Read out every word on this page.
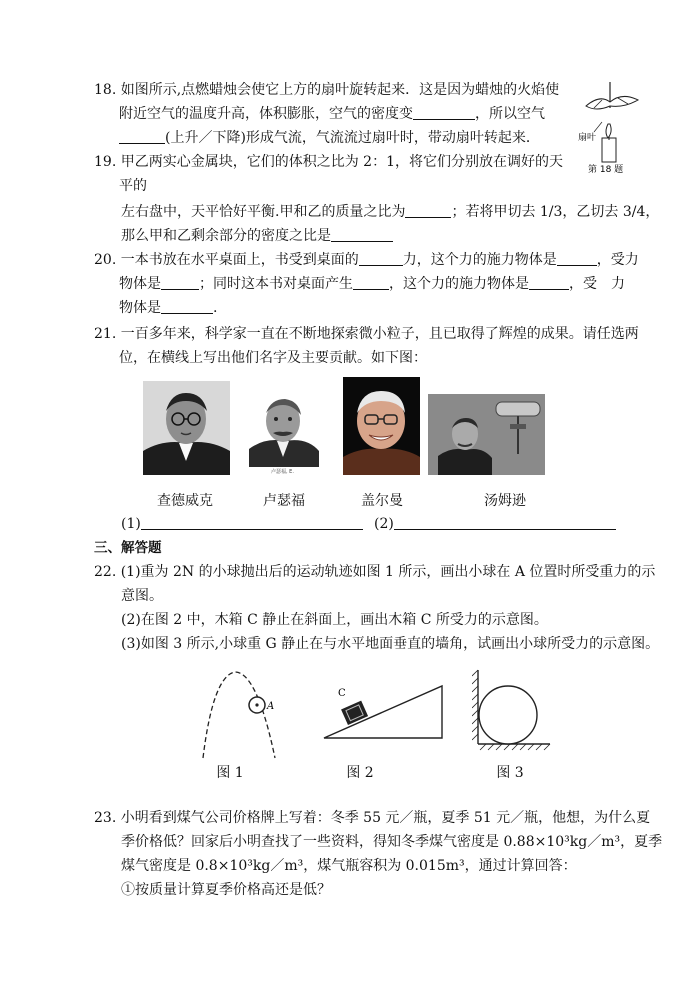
18. 如图所示,点燃蜡烛会使它上方的扇叶旋转起来．这是因为蜡烛的火焰使
附近空气的温度升高，体积膨胀，空气的密度变	，所以空气
(上升／下降)形成气流，气流流过扇叶时，带动扇叶转起来．	扇叶
第 18 题
19. 甲乙两实心金属块，它们的体积之比为 2：1，将它们分别放在调好的天
平的
左右盘中，天平恰好平衡.甲和乙的质量之比为	；若将甲切去 1/3，乙切去 3/4，
那么甲和乙剩余部分的密度之比是
20. 一本书放在水平桌面上，书受到桌面的	力，这个力的施力物体是	，受力
物体是	；同时这本书对桌面产生	，这个力的施力物体是	，受　力
物体是	.
21. 一百多年来，科学家一直在不断地探索微小粒子，且已取得了辉煌的成果。请任选两
位，在横线上写出他们名字及主要贡献。如下图：
卢瑟福, E.
查德威克	卢瑟福	盖尔曼	汤姆逊
(1)	(2)
三、解答题
22. (1)重为 2N 的小球抛出后的运动轨迹如图 1 所示，画出小球在 A 位置时所受重力的示
意图。
(2)在图 2 中，木箱 C 静止在斜面上，画出木箱 C 所受力的示意图。
(3)如图 3 所示,小球重 G 静止在与水平地面垂直的墙角，试画出小球所受力的示意图。
A
C
图 1	图 2	图 3
23. 小明看到煤气公司价格牌上写着：冬季 55 元／瓶，夏季 51 元／瓶，他想，为什么夏
季价格低？回家后小明查找了一些资料，得知冬季煤气密度是 0.88×10³kg／m³，夏季
煤气密度是 0.8×10³kg／m³，煤气瓶容积为 0.015m³，通过计算回答：
①按质量计算夏季价格高还是低？
